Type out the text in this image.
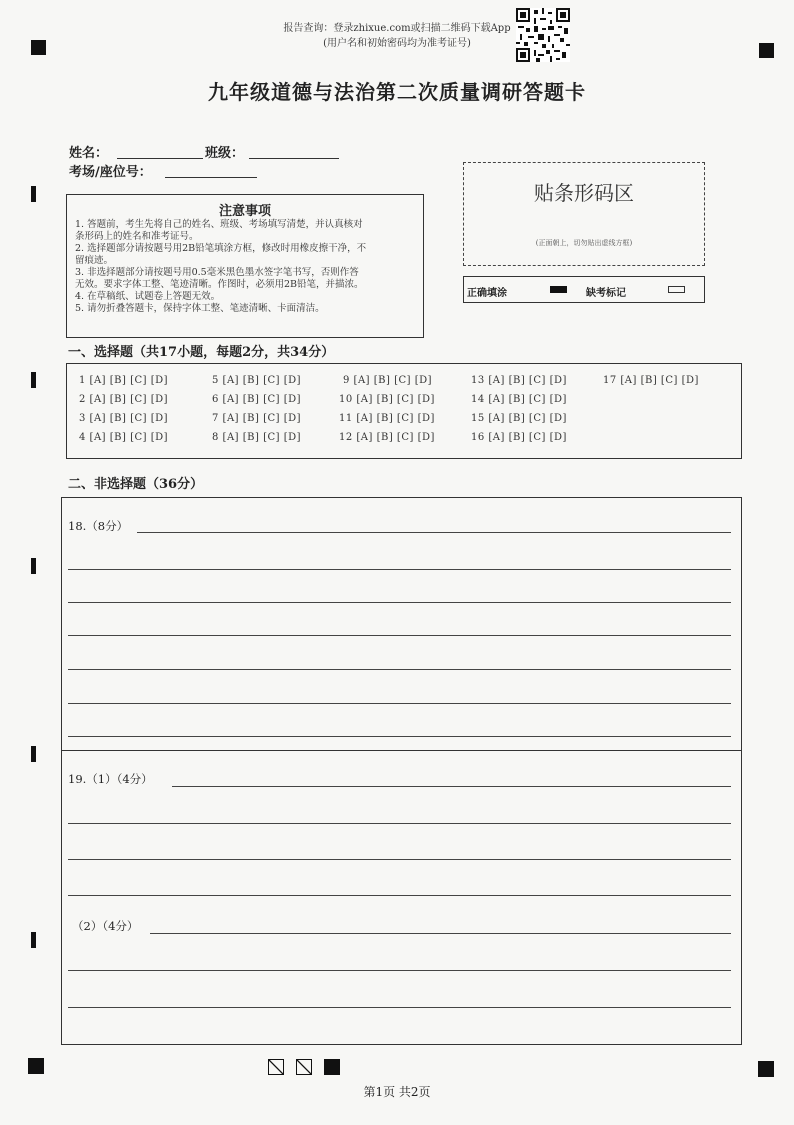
报告查询：登录zhixue.com或扫描二维码下载App
(用户名和初始密码均为准考证号)
九年级道德与法治第二次质量调研答题卡
姓名：	班级：
考场/座位号：
注意事项
1. 答题前，考生先将自己的姓名、班级、考场填写清楚，并认真核对
条形码上的姓名和准考证号。
2. 选择题部分请按题号用2B铅笔填涂方框，修改时用橡皮擦干净，不
留痕迹。
3. 非选择题部分请按题号用0.5毫米黑色墨水签字笔书写，否则作答
无效。要求字体工整、笔迹清晰。作图时，必须用2B铅笔，并描浓。
4. 在草稿纸、试题卷上答题无效。
5. 请勿折叠答题卡，保持字体工整、笔迹清晰、卡面清洁。
贴条形码区
(正面朝上，切勿贴出虚线方框)
正确填涂	缺考标记
一、选择题（共17小题，每题2分，共34分）
1 [A] [B] [C] [D]
2 [A] [B] [C] [D]
3 [A] [B] [C] [D]
4 [A] [B] [C] [D]
5 [A] [B] [C] [D]
6 [A] [B] [C] [D]
7 [A] [B] [C] [D]
8 [A] [B] [C] [D]
9 [A] [B] [C] [D]
10 [A] [B] [C] [D]
11 [A] [B] [C] [D]
12 [A] [B] [C] [D]
13 [A] [B] [C] [D]
14 [A] [B] [C] [D]
15 [A] [B] [C] [D]
16 [A] [B] [C] [D]
17 [A] [B] [C] [D]
二、非选择题（36分）
18.（8分）
19.（1）（4分）
（2）（4分）
第1页 共2页
